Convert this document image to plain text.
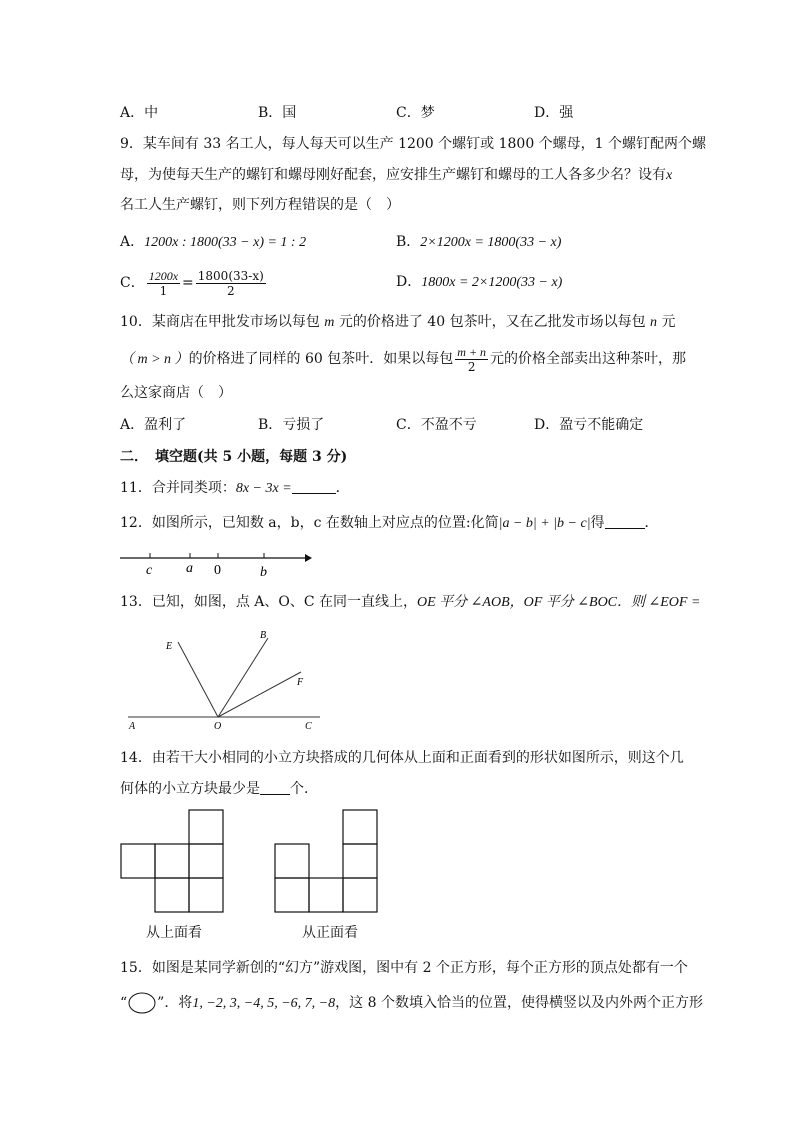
A．中	B．国	C．梦	D．强
9．某车间有 33 名工人，每人每天可以生产 1200 个螺钉或 1800 个螺母，1 个螺钉配两个螺
母，为使每天生产的螺钉和螺母刚好配套，应安排生产螺钉和螺母的工人各多少名？设有x
名工人生产螺钉，则下列方程错误的是（　）
A．1200x : 1800(33 − x) = 1 : 2	B．2×1200x = 1800(33 − x)
C． $\frac{1200x}{1} = \frac{1800(33-x)}{2}$	D．1800x = 2×1200(33 − x)
10．某商店在甲批发市场以每包 m 元的价格进了 40 包茶叶，又在乙批发市场以每包 n 元
（ m > n ）的价格进了同样的 60 包茶叶．如果以每包 $\frac{m + n}{2}$ 元的价格全部卖出这种茶叶，那
么这家商店（　）
A．盈利了	B．亏损了	C．不盈不亏	D．盈亏不能确定
二．　填空题(共 5 小题，每题 3 分)
11．合并同类项：8x − 3x =	．
12．如图所示，已知数 a，b，c 在数轴上对应点的位置:化简|a − b| + |b − c|得	．
c a 0	b
13．已知，如图，点 A、O、C 在同一直线上，OE 平分 ∠AOB，OF 平分 ∠BOC．则 ∠EOF =
E
B
F
A	O	C
14．由若干大小相同的小立方块搭成的几何体从上面和正面看到的形状如图所示，则这个几
何体的小立方块最少是 个．
从上面看	从正面看
15．如图是某同学新创的“幻方”游戏图，图中有 2 个正方形，每个正方形的顶点处都有一个
“ ”．将1, −2, 3, −4, 5, −6, 7, −8，这 8 个数填入恰当的位置，使得横竖以及内外两个正方形
